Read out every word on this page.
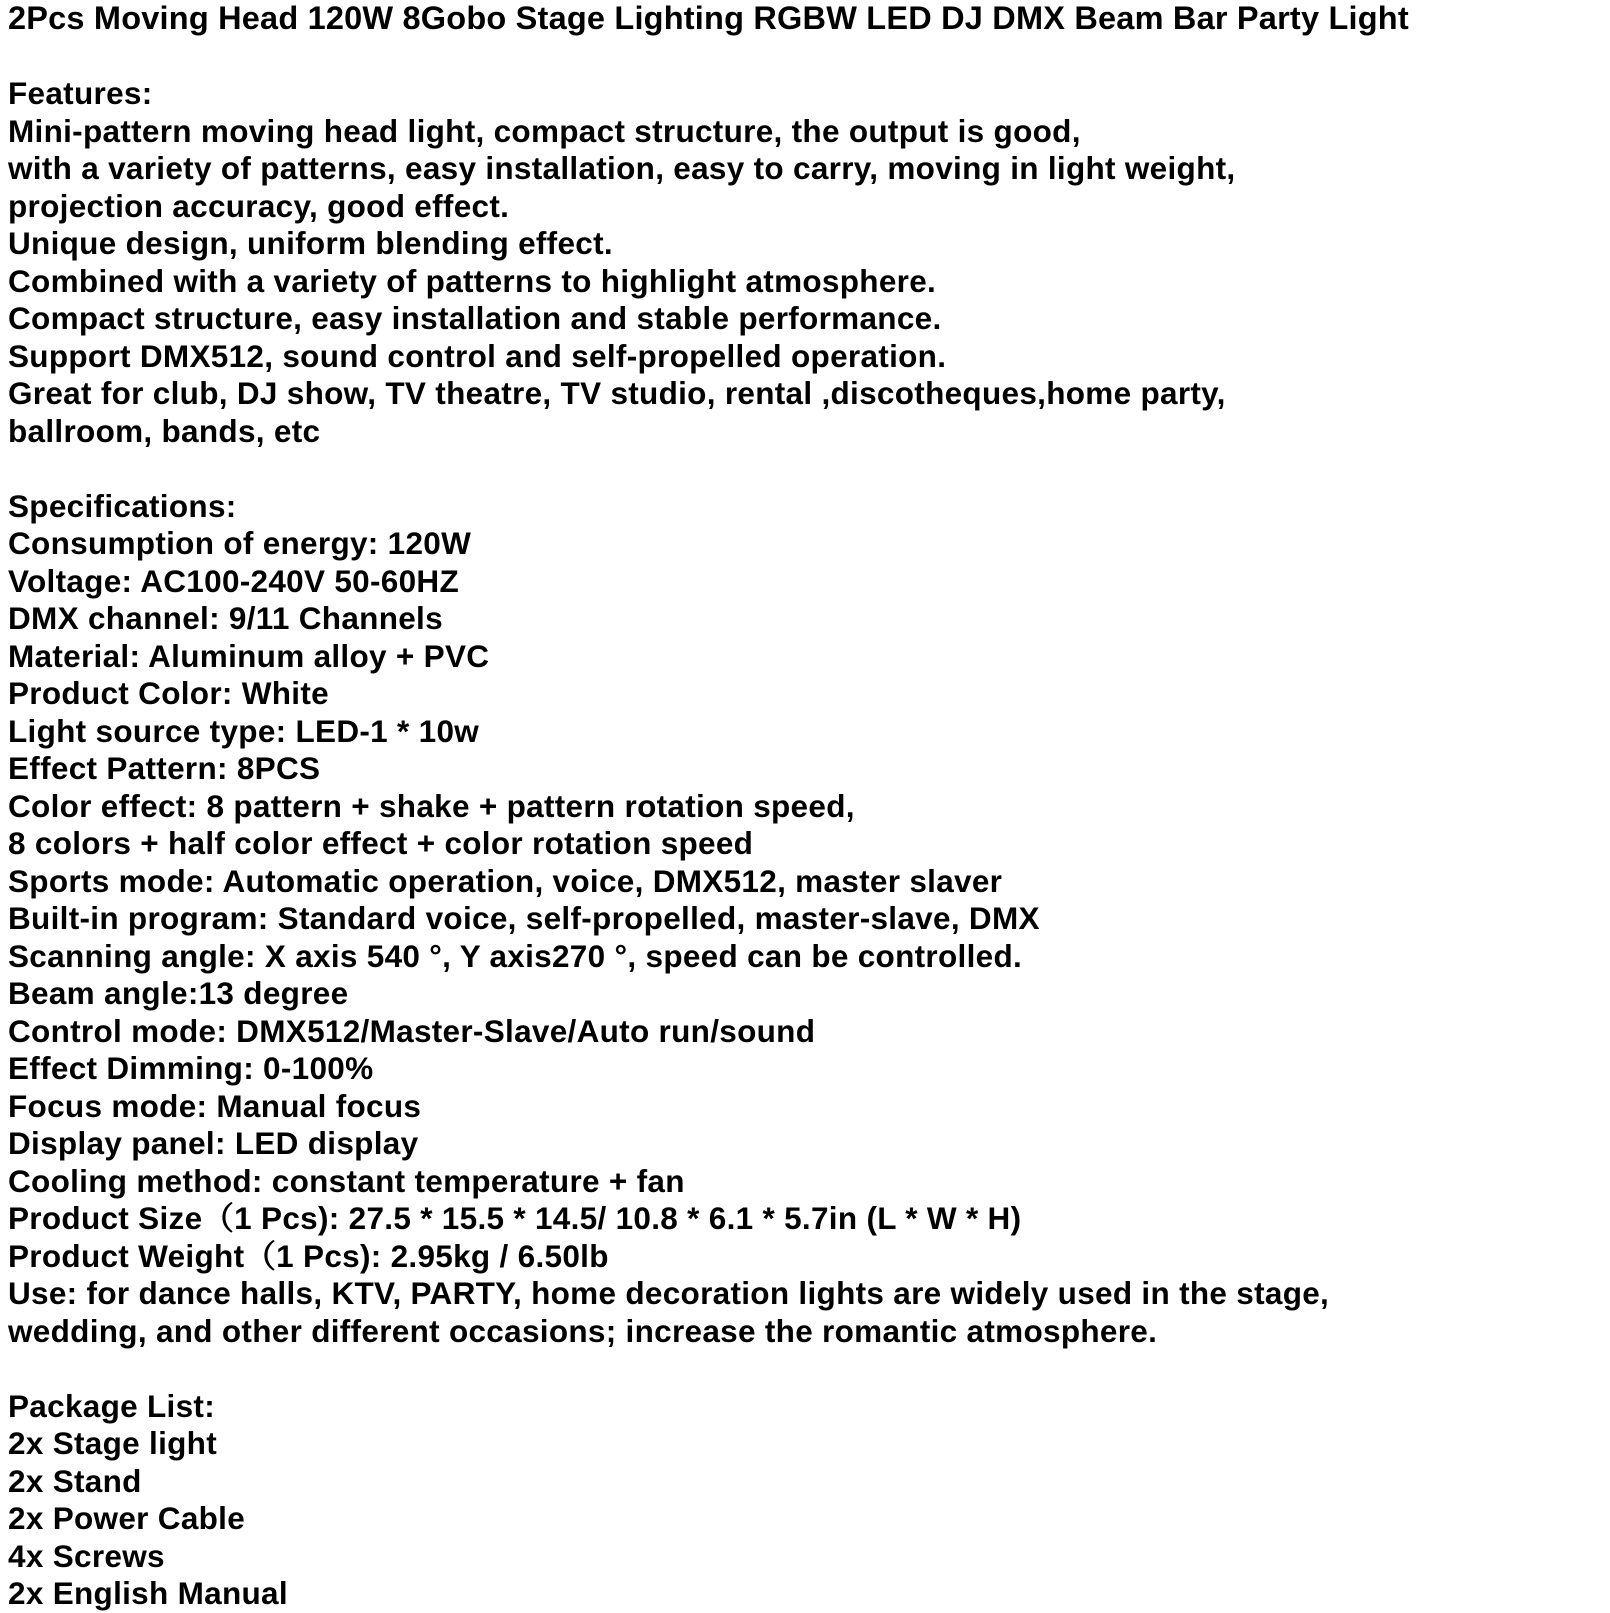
2Pcs Moving Head 120W 8Gobo Stage Lighting RGBW LED DJ DMX Beam Bar Party Light
Features:
Mini-pattern moving head light, compact structure, the output is good,
with a variety of patterns, easy installation, easy to carry, moving in light weight,
projection accuracy, good effect.
Unique design, uniform blending effect.
Combined with a variety of patterns to highlight atmosphere.
Compact structure, easy installation and stable performance.
Support DMX512, sound control and self-propelled operation.
Great for club, DJ show, TV theatre, TV studio, rental ,discotheques,home party,
ballroom, bands, etc
Specifications:
Consumption of energy: 120W
Voltage: AC100-240V 50-60HZ
DMX channel: 9/11 Channels
Material: Aluminum alloy + PVC
Product Color: White
Light source type: LED-1 * 10w
Effect Pattern: 8PCS
Color effect: 8 pattern + shake + pattern rotation speed,
8 colors + half color effect + color rotation speed
Sports mode: Automatic operation, voice, DMX512, master slaver
Built-in program: Standard voice, self-propelled, master-slave, DMX
Scanning angle: X axis 540 °, Y axis270 °, speed can be controlled.
Beam angle:13 degree
Control mode: DMX512/Master-Slave/Auto run/sound
Effect Dimming: 0-100%
Focus mode: Manual focus
Display panel: LED display
Cooling method: constant temperature + fan
Product Size（1 Pcs): 27.5 * 15.5 * 14.5/ 10.8 * 6.1 * 5.7in (L * W * H)
Product Weight（1 Pcs): 2.95kg / 6.50lb
Use: for dance halls, KTV, PARTY, home decoration lights are widely used in the stage,
wedding, and other different occasions; increase the romantic atmosphere.
Package List:
2x Stage light
2x Stand
2x Power Cable
4x Screws
2x English Manual
